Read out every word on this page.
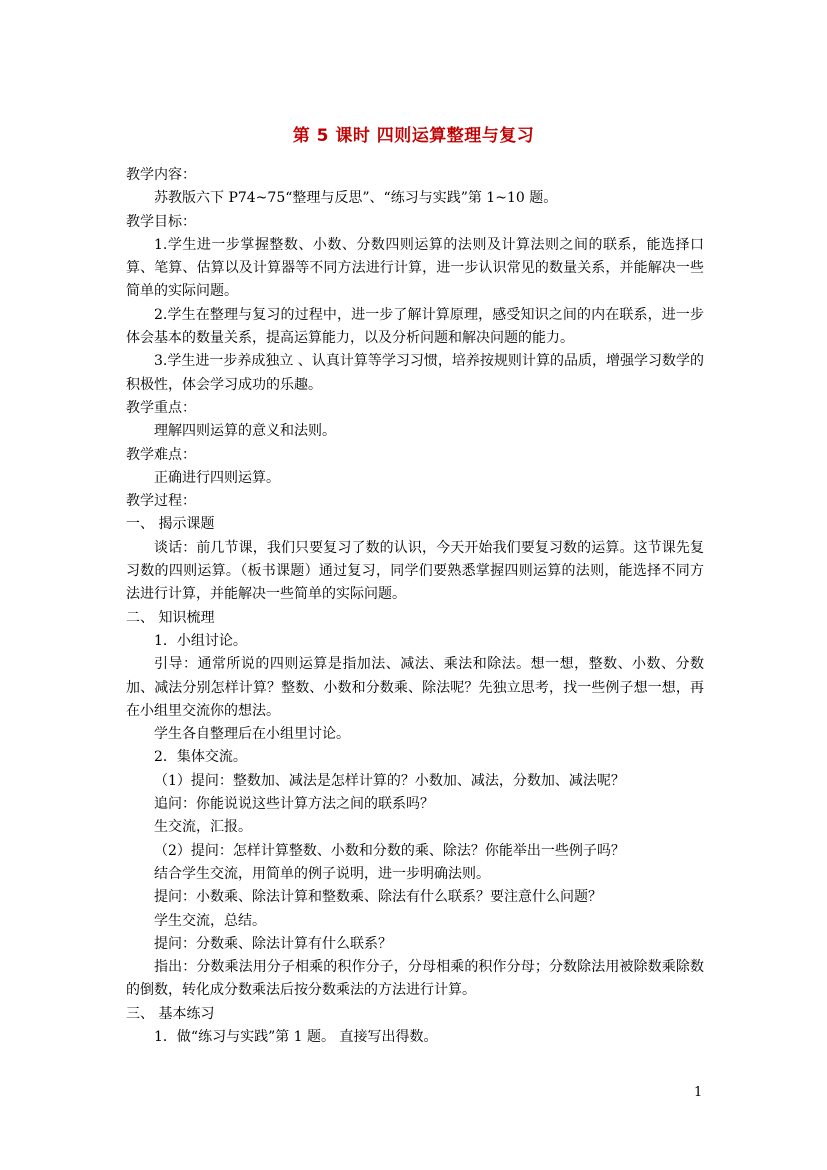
第 5 课时 四则运算整理与复习

教学内容：

苏教版六下 P74~75“整理与反思”、“练习与实践”第 1~10 题。

教学目标：

1.学生进一步掌握整数、小数、分数四则运算的法则及计算法则之间的联系，能选择口算、笔算、估算以及计算器等不同方法进行计算，进一步认识常见的数量关系，并能解决一些简单的实际问题。

2.学生在整理与复习的过程中，进一步了解计算原理，感受知识之间的内在联系，进一步体会基本的数量关系，提高运算能力，以及分析问题和解决问题的能力。

3.学生进一步养成独立 、认真计算等学习习惯，培养按规则计算的品质，增强学习数学的积极性，体会学习成功的乐趣。

教学重点：

理解四则运算的意义和法则。

教学难点：

正确进行四则运算。

教学过程：

一、 揭示课题

谈话：前几节课，我们只要复习了数的认识，今天开始我们要复习数的运算。这节课先复习数的四则运算。（板书课题）通过复习，同学们要熟悉掌握四则运算的法则，能选择不同方法进行计算，并能解决一些简单的实际问题。

二、 知识梳理

1．小组讨论。

引导：通常所说的四则运算是指加法、减法、乘法和除法。想一想，整数、小数、分数加、减法分别怎样计算？整数、小数和分数乘、除法呢？先独立思考，找一些例子想一想，再在小组里交流你的想法。

学生各自整理后在小组里讨论。

2．集体交流。

（1）提问：整数加、减法是怎样计算的？小数加、减法，分数加、减法呢？

追问：你能说说这些计算方法之间的联系吗？

生交流，汇报。

（2）提问：怎样计算整数、小数和分数的乘、除法？你能举出一些例子吗？

结合学生交流，用简单的例子说明，进一步明确法则。

提问：小数乘、除法计算和整数乘、除法有什么联系？要注意什么问题？

学生交流，总结。

提问：分数乘、除法计算有什么联系？

指出：分数乘法用分子相乘的积作分子，分母相乘的积作分母；分数除法用被除数乘除数的倒数，转化成分数乘法后按分数乘法的方法进行计算。

三、 基本练习

1．做“练习与实践”第 1 题。 直接写出得数。

1
